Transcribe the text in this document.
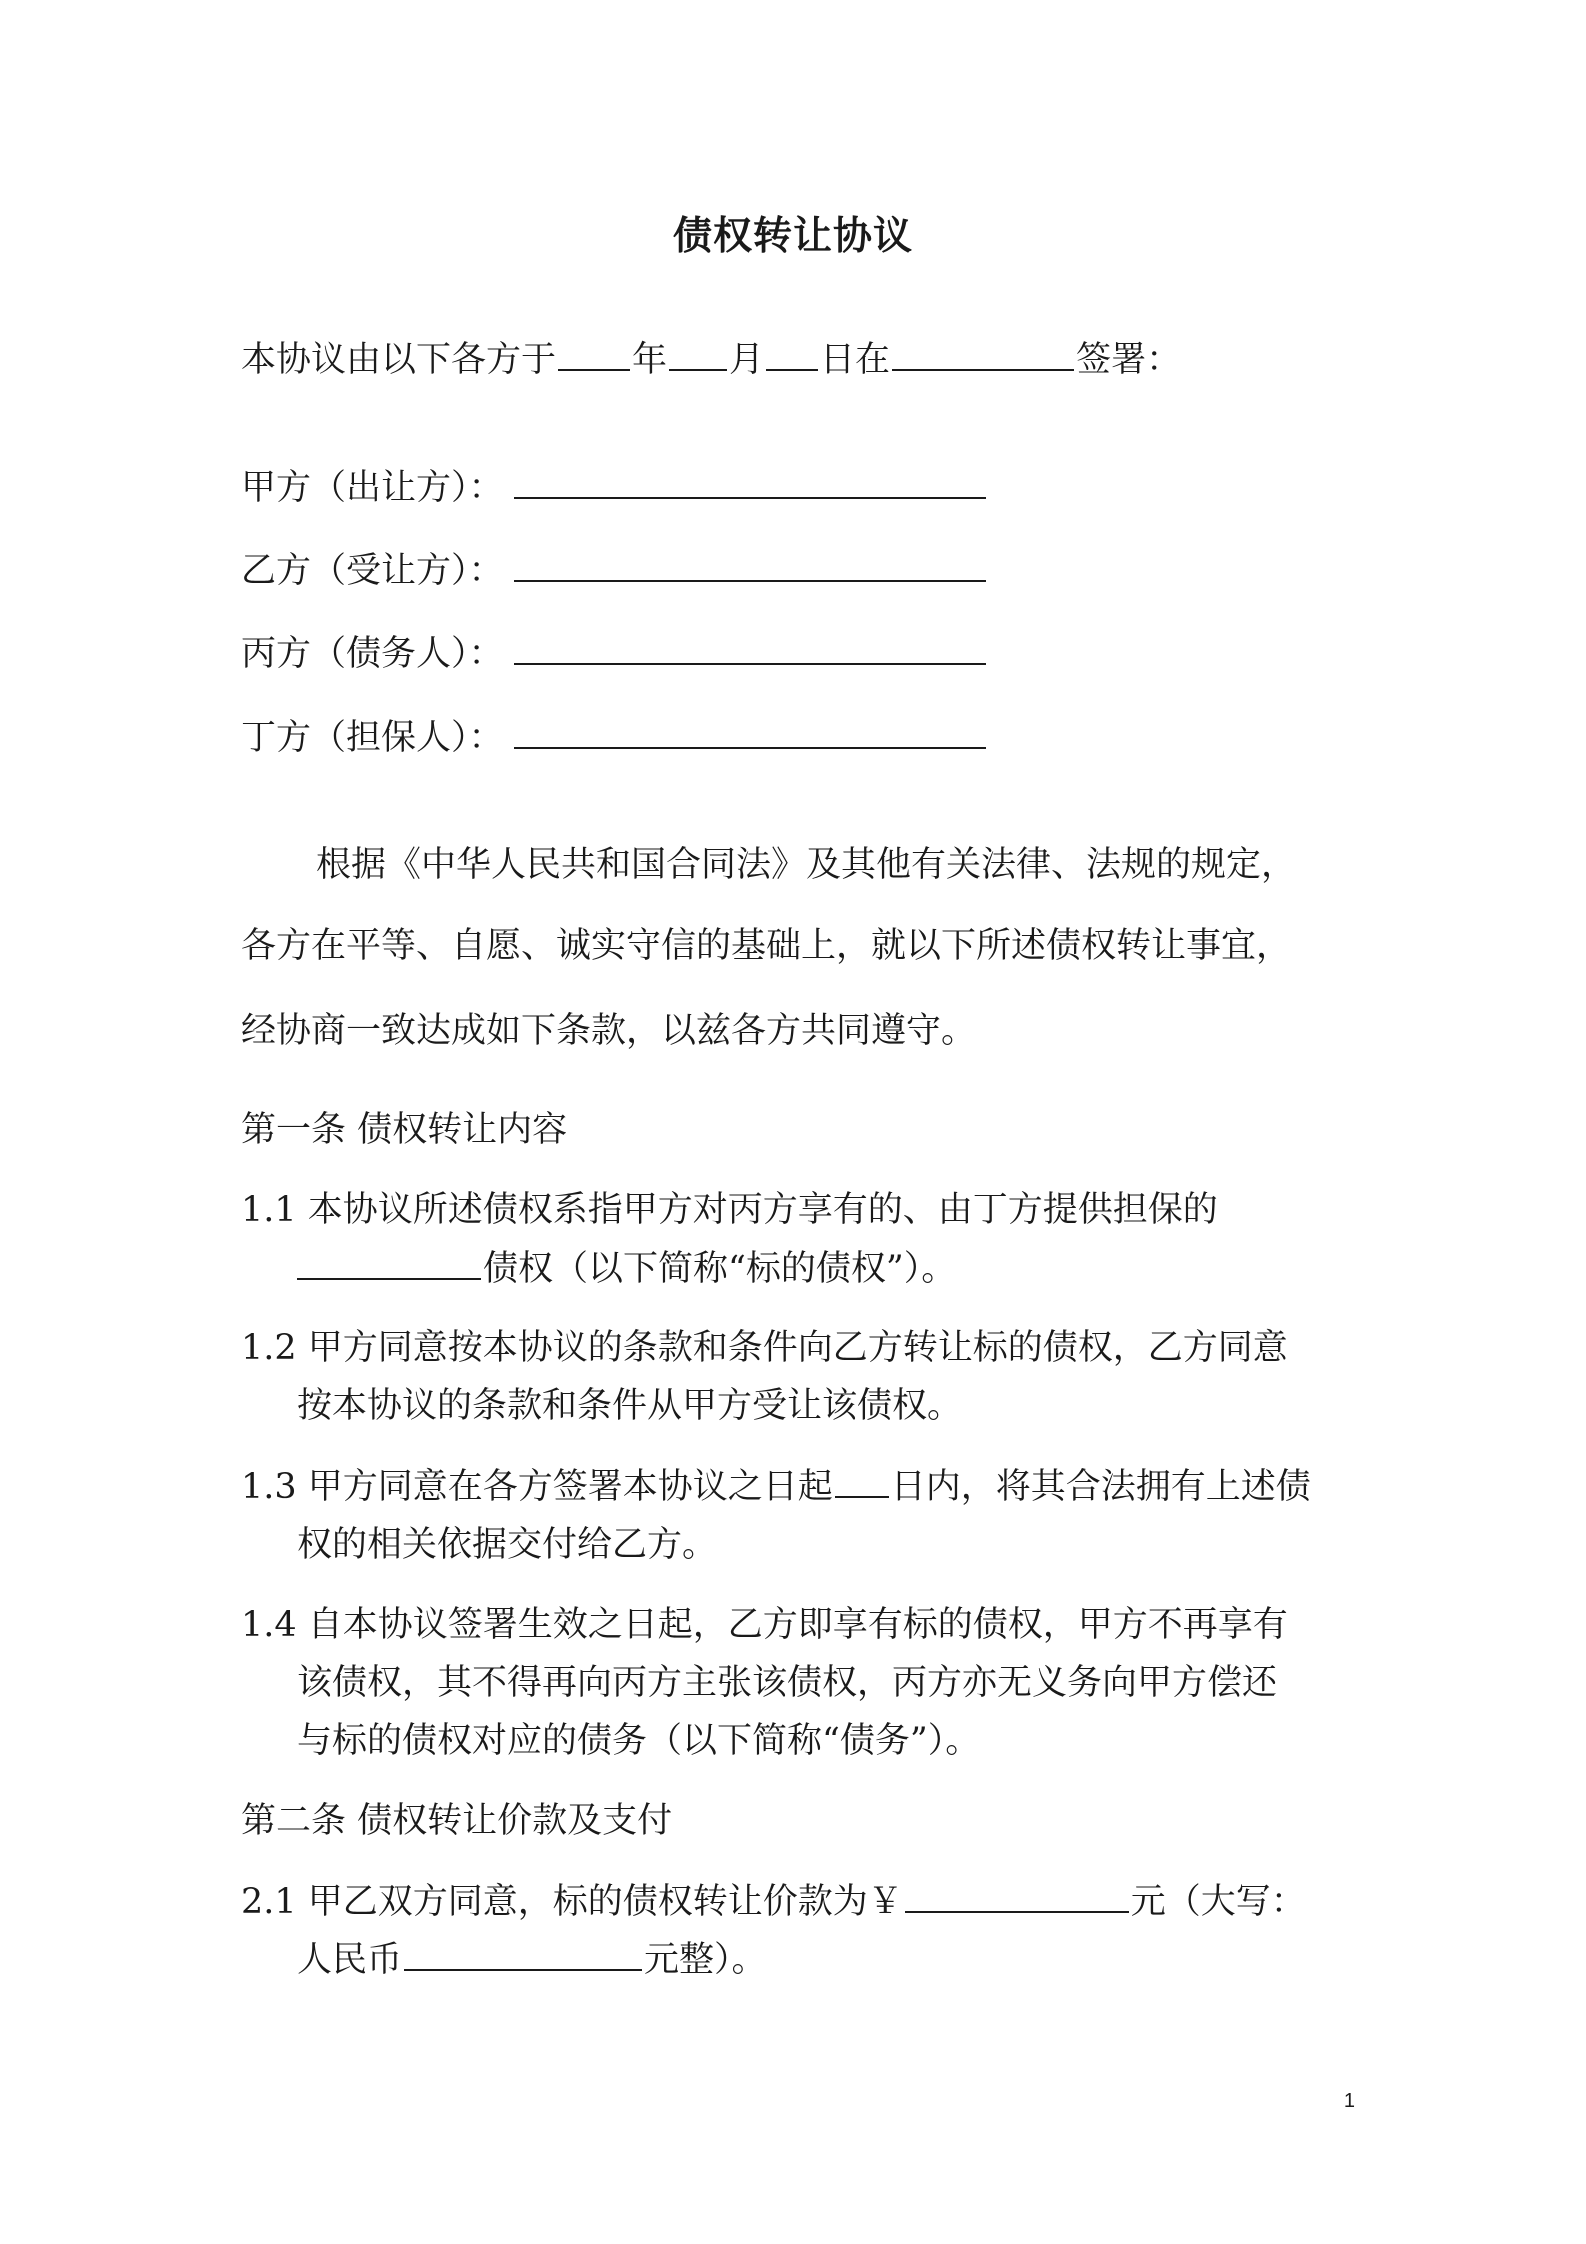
债权转让协议
本协议由以下各方于 年 月 日在	签署：
甲方（出让方）：
乙方（受让方）：
丙方（债务人）：
丁方（担保人）：
根据《中华人民共和国合同法》及其他有关法律、法规的规定，
各方在平等、自愿、诚实守信的基础上，就以下所述债权转让事宜，
经协商一致达成如下条款，以兹各方共同遵守。
第一条 债权转让内容
1.1 本协议所述债权系指甲方对丙方享有的、由丁方提供担保的
债权（以下简称“标的债权”）。
1.2 甲方同意按本协议的条款和条件向乙方转让标的债权，乙方同意
按本协议的条款和条件从甲方受让该债权。
1.3 甲方同意在各方签署本协议之日起 日内，将其合法拥有上述债
权的相关依据交付给乙方。
1.4 自本协议签署生效之日起，乙方即享有标的债权，甲方不再享有
该债权，其不得再向丙方主张该债权，丙方亦无义务向甲方偿还
与标的债权对应的债务（以下简称“债务”）。
第二条 债权转让价款及支付
2.1 甲乙双方同意，标的债权转让价款为￥	元（大写：
人民币	元整）。
1
